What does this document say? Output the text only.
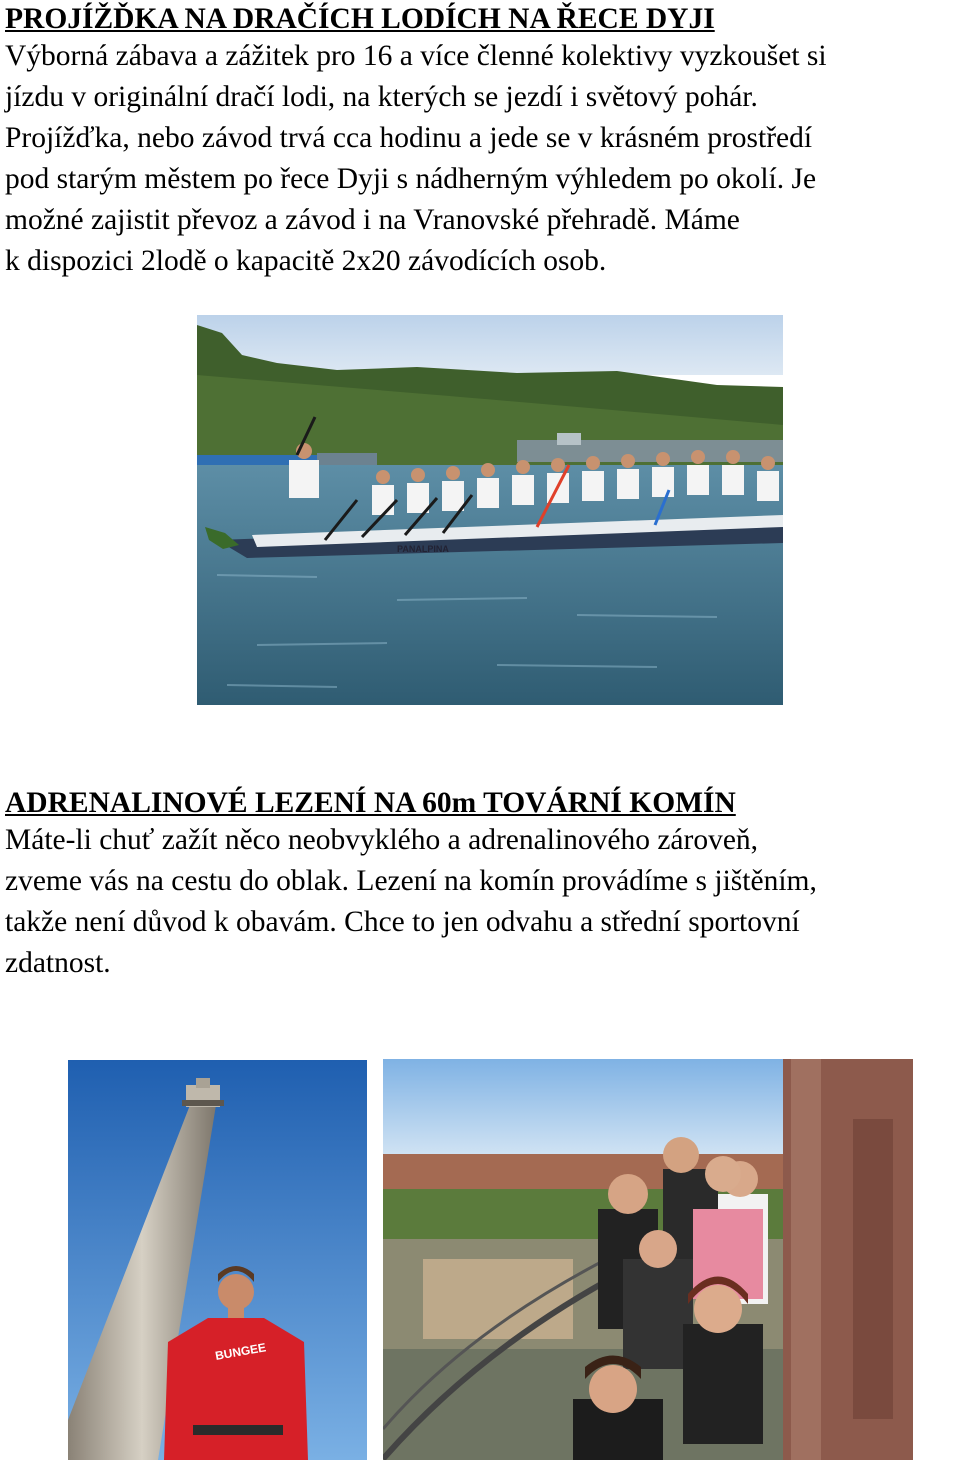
PROJÍŽĎKA NA DRAČÍCH LODÍCH NA ŘECE DYJI

Výborná zábava a zážitek pro 16 a více členné kolektivy vyzkoušet si
jízdu v originální dračí lodi, na kterých se jezdí i světový pohár.
Projížďka, nebo závod trvá cca hodinu a jede se v krásném prostředí
pod starým městem po řece Dyji s nádherným výhledem po okolí. Je
možné zajistit převoz a závod i na Vranovské přehradě. Máme
k dispozici 2lodě o kapacitě 2x20 závodících osob.

PANALPINA
ADRENALINOVÉ LEZENÍ NA 60m TOVÁRNÍ KOMÍN

Máte-li chuť zažít něco neobvyklého a adrenalinového zároveň,
zveme vás na cestu do oblak. Lezení na komín provádíme s jištěním,
takže není důvod k obavám. Chce to jen odvahu a střední sportovní
zdatnost.

BUNGEE
